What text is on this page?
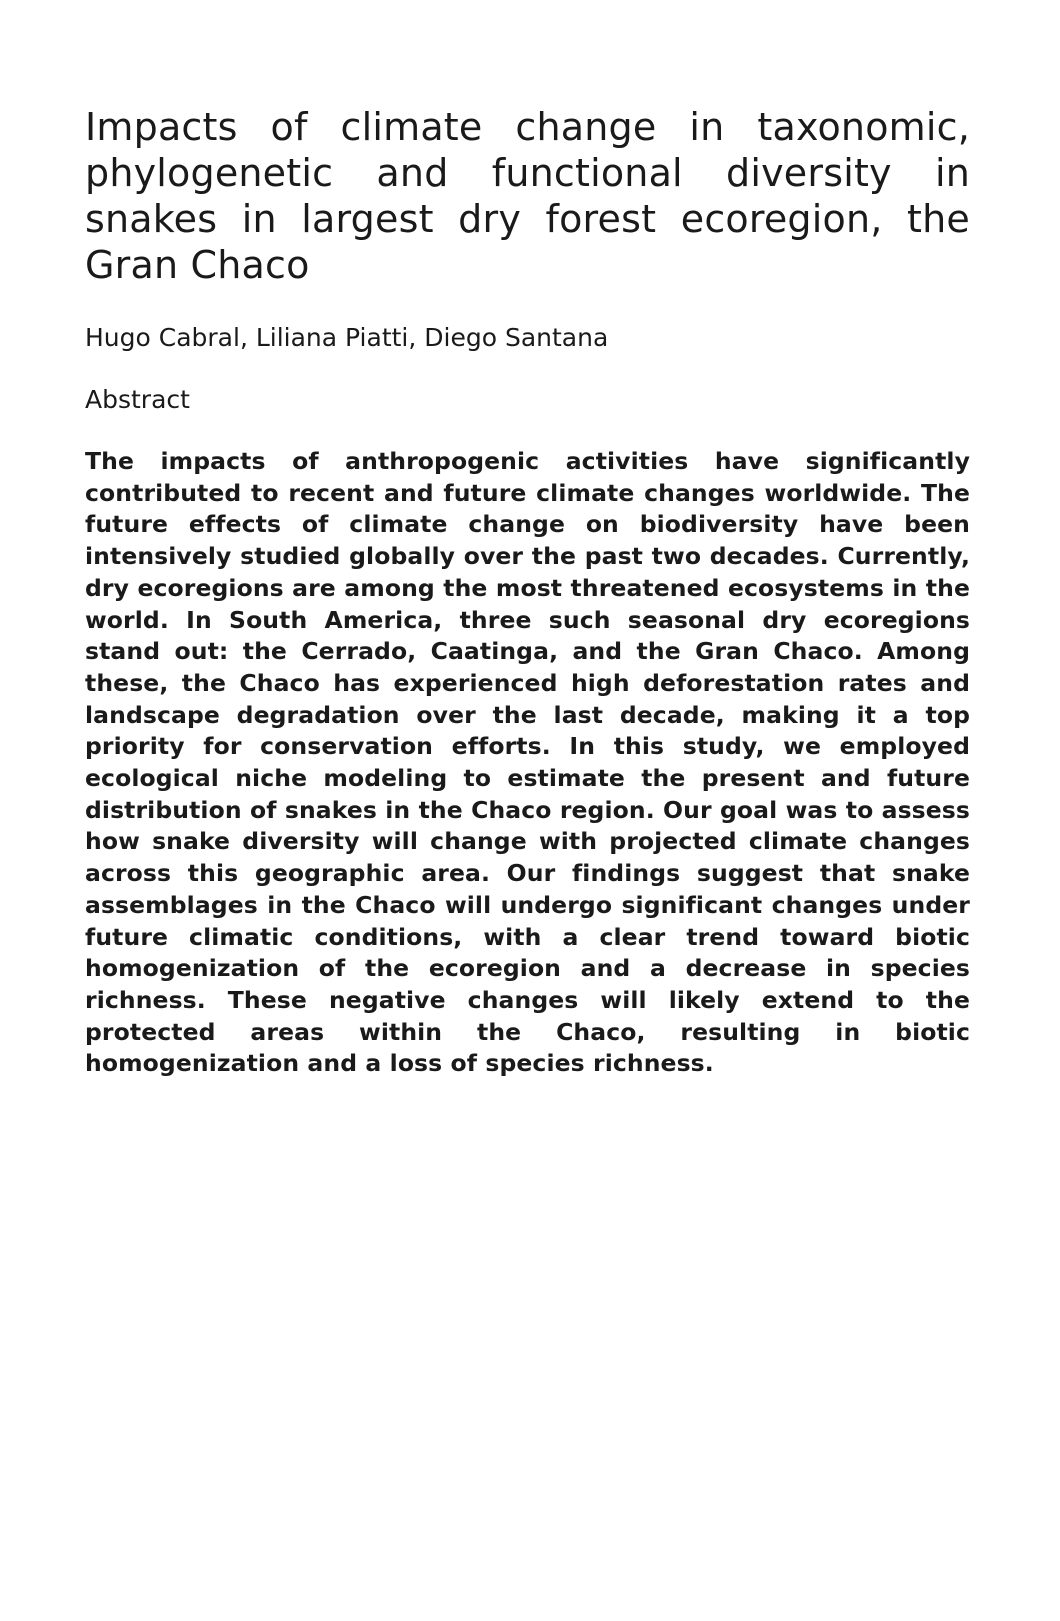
Impacts of climate change in taxonomic, phylogenetic and functional diversity in snakes in largest dry forest ecoregion, the Gran Chaco

Hugo Cabral, Liliana Piatti, Diego Santana

Abstract

The impacts of anthropogenic activities have significantly contributed to recent and future climate changes worldwide. The future effects of climate change on biodiversity have been intensively studied globally over the past two decades. Currently, dry ecoregions are among the most threatened ecosystems in the world. In South America, three such seasonal dry ecoregions stand out: the Cerrado, Caatinga, and the Gran Chaco. Among these, the Chaco has experienced high deforestation rates and landscape degradation over the last decade, making it a top priority for conservation efforts. In this study, we employed ecological niche modeling to estimate the present and future distribution of snakes in the Chaco region. Our goal was to assess how snake diversity will change with projected climate changes across this geographic area. Our findings suggest that snake assemblages in the Chaco will undergo significant changes under future climatic conditions, with a clear trend toward biotic homogenization of the ecoregion and a decrease in species richness. These negative changes will likely extend to the protected areas within the Chaco, resulting in biotic homogenization and a loss of species richness.
